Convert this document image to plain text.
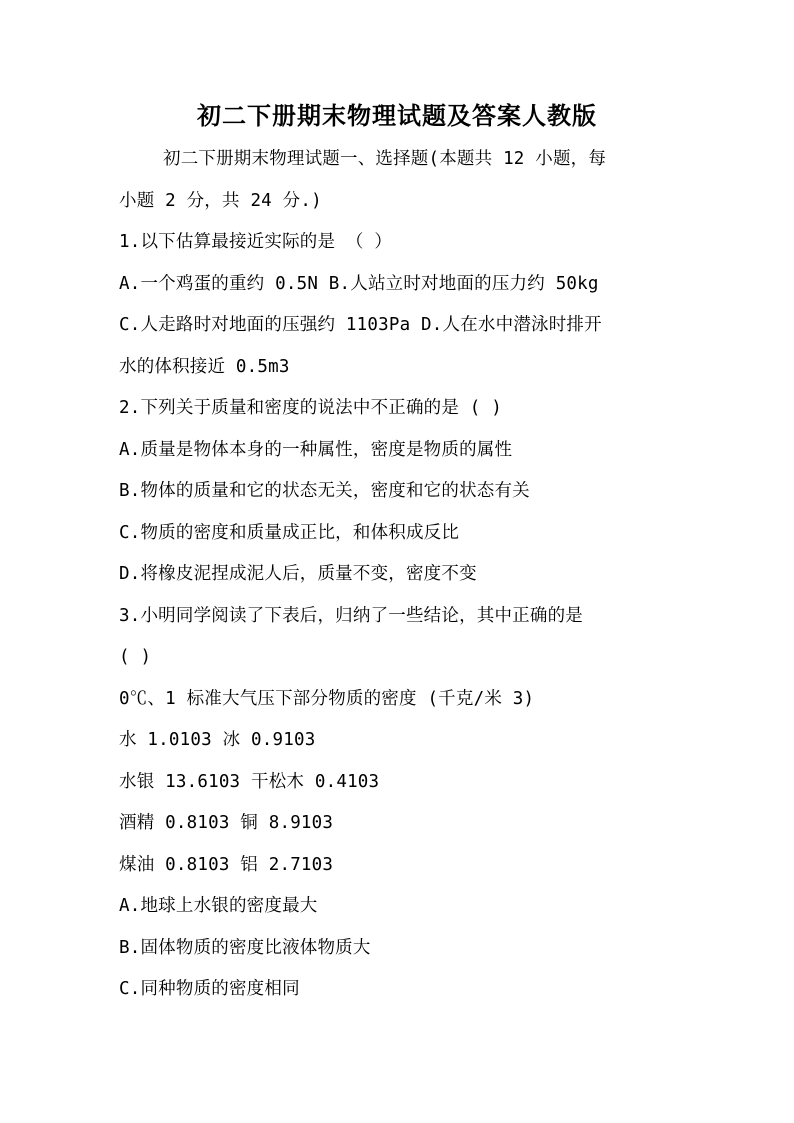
初二下册期末物理试题及答案人教版
初二下册期末物理试题一、选择题(本题共 12 小题，每
小题 2 分，共 24 分.)
1.以下估算最接近实际的是 （ ）
A.一个鸡蛋的重约 0.5N B.人站立时对地面的压力约 50kg
C.人走路时对地面的压强约 1103Pa D.人在水中潜泳时排开
水的体积接近 0.5m3
2.下列关于质量和密度的说法中不正确的是 ( )
A.质量是物体本身的一种属性，密度是物质的属性
B.物体的质量和它的状态无关，密度和它的状态有关
C.物质的密度和质量成正比，和体积成反比
D.将橡皮泥捏成泥人后，质量不变，密度不变
3.小明同学阅读了下表后，归纳了一些结论，其中正确的是
( )
0℃、1 标准大气压下部分物质的密度 (千克/米 3)
水 1.0103 冰 0.9103
水银 13.6103 干松木 0.4103
酒精 0.8103 铜 8.9103
煤油 0.8103 铝 2.7103
A.地球上水银的密度最大
B.固体物质的密度比液体物质大
C.同种物质的密度相同
